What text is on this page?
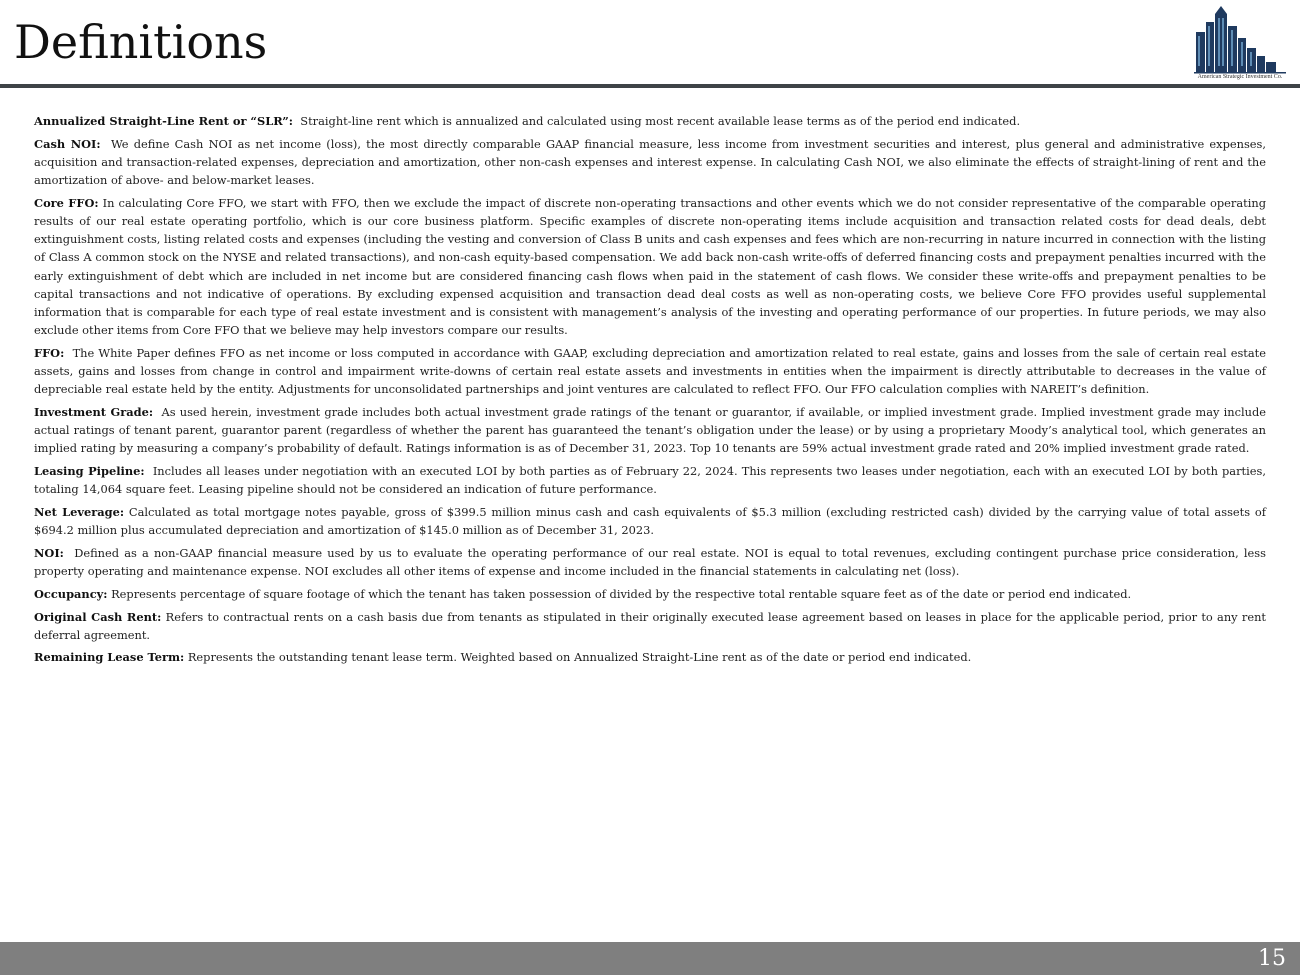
Definitions
American Strategic Investment Co.

Annualized Straight-Line Rent or “SLR”: Straight-line rent which is annualized and calculated using most recent available lease terms as of the period end indicated.

Cash NOI: We define Cash NOI as net income (loss), the most directly comparable GAAP financial measure, less income from investment securities and interest, plus general and administrative expenses, acquisition and transaction-related expenses, depreciation and amortization, other non-cash expenses and interest expense. In calculating Cash NOI, we also eliminate the effects of straight-lining of rent and the amortization of above- and below-market leases.

Core FFO: In calculating Core FFO, we start with FFO, then we exclude the impact of discrete non-operating transactions and other events which we do not consider representative of the comparable operating results of our real estate operating portfolio, which is our core business platform. Specific examples of discrete non-operating items include acquisition and transaction related costs for dead deals, debt extinguishment costs, listing related costs and expenses (including the vesting and conversion of Class B units and cash expenses and fees which are non-recurring in nature incurred in connection with the listing of Class A common stock on the NYSE and related transactions), and non-cash equity-based compensation. We add back non-cash write-offs of deferred financing costs and prepayment penalties incurred with the early extinguishment of debt which are included in net income but are considered financing cash flows when paid in the statement of cash flows. We consider these write-offs and prepayment penalties to be capital transactions and not indicative of operations. By excluding expensed acquisition and transaction dead deal costs as well as non-operating costs, we believe Core FFO provides useful supplemental information that is comparable for each type of real estate investment and is consistent with management’s analysis of the investing and operating performance of our properties. In future periods, we may also exclude other items from Core FFO that we believe may help investors compare our results.

FFO: The White Paper defines FFO as net income or loss computed in accordance with GAAP, excluding depreciation and amortization related to real estate, gains and losses from the sale of certain real estate assets, gains and losses from change in control and impairment write-downs of certain real estate assets and investments in entities when the impairment is directly attributable to decreases in the value of depreciable real estate held by the entity. Adjustments for unconsolidated partnerships and joint ventures are calculated to reflect FFO. Our FFO calculation complies with NAREIT’s definition.

Investment Grade: As used herein, investment grade includes both actual investment grade ratings of the tenant or guarantor, if available, or implied investment grade. Implied investment grade may include actual ratings of tenant parent, guarantor parent (regardless of whether the parent has guaranteed the tenant’s obligation under the lease) or by using a proprietary Moody’s analytical tool, which generates an implied rating by measuring a company’s probability of default. Ratings information is as of December 31, 2023. Top 10 tenants are 59% actual investment grade rated and 20% implied investment grade rated.

Leasing Pipeline: Includes all leases under negotiation with an executed LOI by both parties as of February 22, 2024. This represents two leases under negotiation, each with an executed LOI by both parties, totaling 14,064 square feet. Leasing pipeline should not be considered an indication of future performance.

Net Leverage: Calculated as total mortgage notes payable, gross of $399.5 million minus cash and cash equivalents of $5.3 million (excluding restricted cash) divided by the carrying value of total assets of $694.2 million plus accumulated depreciation and amortization of $145.0 million as of December 31, 2023.

NOI: Defined as a non-GAAP financial measure used by us to evaluate the operating performance of our real estate. NOI is equal to total revenues, excluding contingent purchase price consideration, less property operating and maintenance expense. NOI excludes all other items of expense and income included in the financial statements in calculating net (loss).

Occupancy: Represents percentage of square footage of which the tenant has taken possession of divided by the respective total rentable square feet as of the date or period end indicated.

Original Cash Rent: Refers to contractual rents on a cash basis due from tenants as stipulated in their originally executed lease agreement based on leases in place for the applicable period, prior to any rent deferral agreement.

Remaining Lease Term: Represents the outstanding tenant lease term. Weighted based on Annualized Straight-Line rent as of the date or period end indicated.

15
